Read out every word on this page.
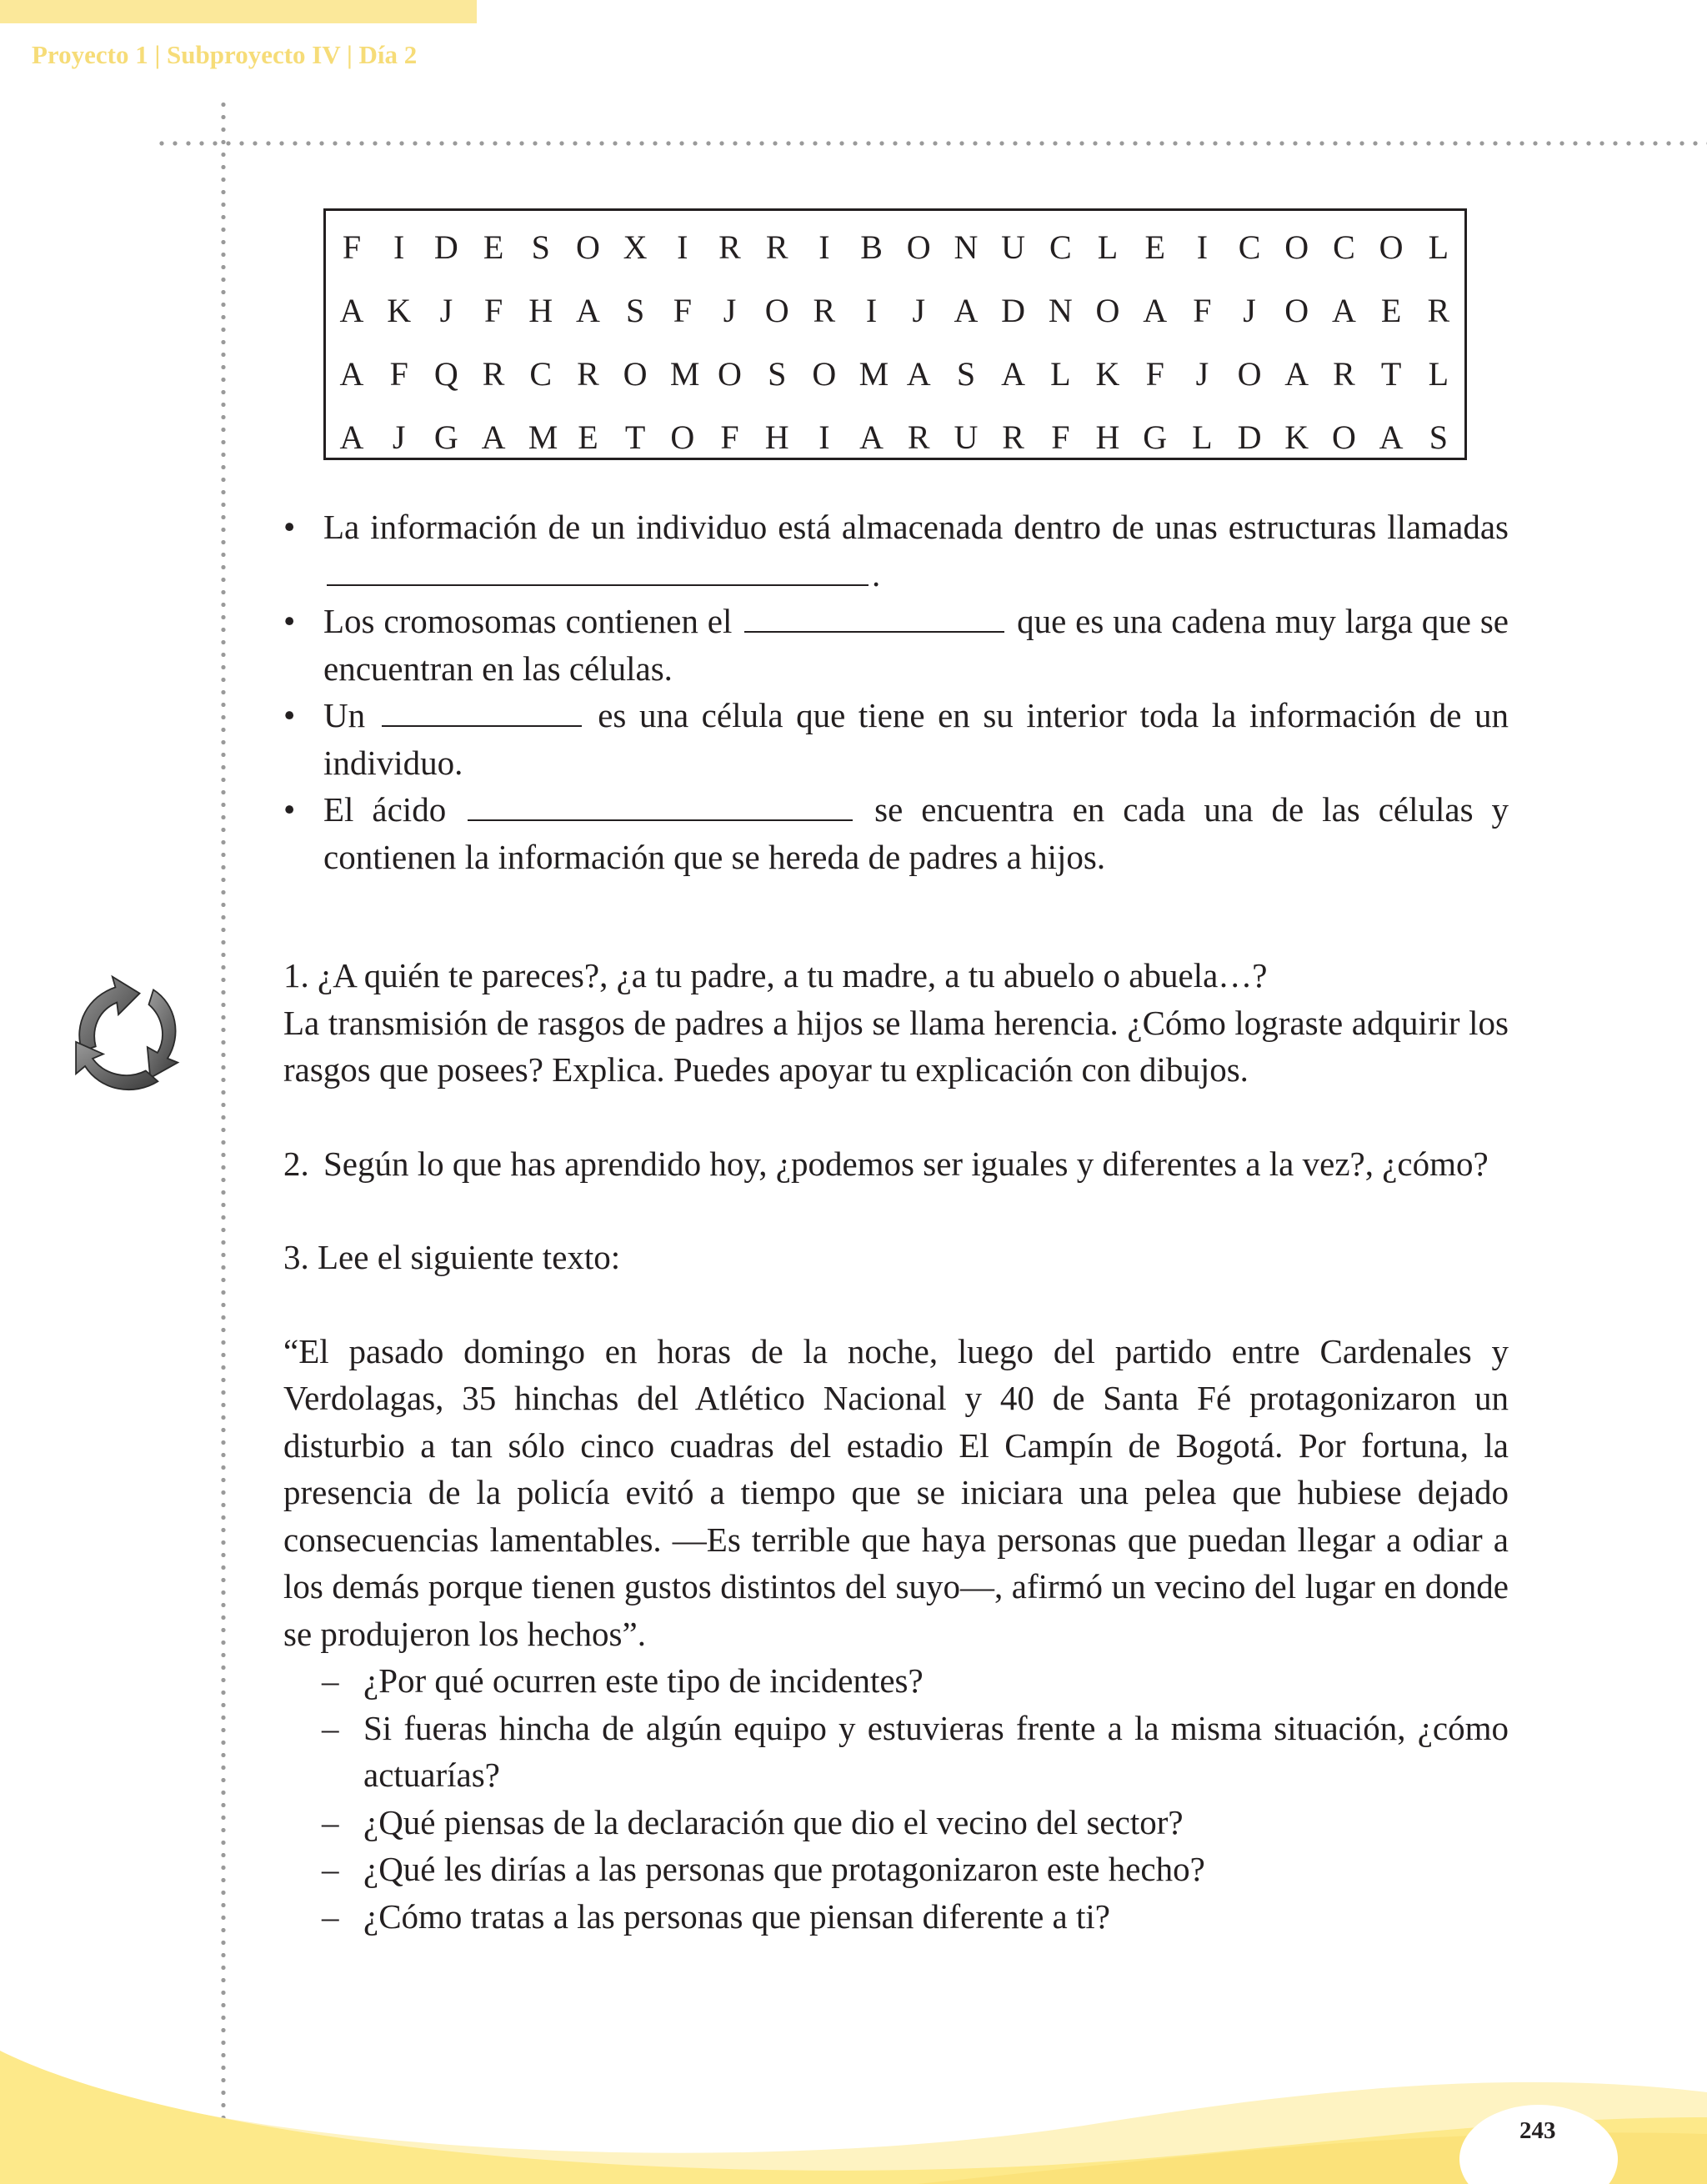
Proyecto 1 | Subproyecto IV | Día 2
F I D E S O X I R R I B O N U C L E I C O C O L
A K J F H A S F J O R I J A D N O A F J O A E R
A F Q R C R O M O S O M A S A L K F J O A R T L
A J G A M E T O F H I A R U R F H G L D K O A S

• La información de un individuo está almacenada dentro de unas estructuras llamadas .

• Los cromosomas contienen el	que es una cadena muy larga que se encuentran en las células.

• Un	es una célula que tiene en su interior toda la información de un individuo.

• El ácido	se encuentra en cada una de las células y contienen la información que se hereda de padres a hijos.

1. ¿A quién te pareces?, ¿a tu padre, a tu madre, a tu abuelo o abuela…?

La transmisión de rasgos de padres a hijos se llama herencia. ¿Cómo lograste adquirir los rasgos que posees? Explica. Puedes apoyar tu explicación con dibujos.

2. Según lo que has aprendido hoy, ¿podemos ser iguales y diferentes a la vez?, ¿cómo?

3. Lee el siguiente texto:

“El pasado domingo en horas de la noche, luego del partido entre Cardenales y Verdolagas, 35 hinchas del Atlético Nacional y 40 de Santa Fé protagonizaron un disturbio a tan sólo cinco cuadras del estadio El Campín de Bogotá. Por fortuna, la presencia de la policía evitó a tiempo que se iniciara una pelea que hubiese dejado consecuencias lamentables. —Es terrible que haya personas que puedan llegar a odiar a los demás porque tienen gustos distintos del suyo—, afirmó un vecino del lugar en donde se produjeron los hechos”.

– ¿Por qué ocurren este tipo de incidentes?

– Si fueras hincha de algún equipo y estuvieras frente a la misma situación, ¿cómo actuarías?

– ¿Qué piensas de la declaración que dio el vecino del sector?

– ¿Qué les dirías a las personas que protagonizaron este hecho?

– ¿Cómo tratas a las personas que piensan diferente a ti?

243
